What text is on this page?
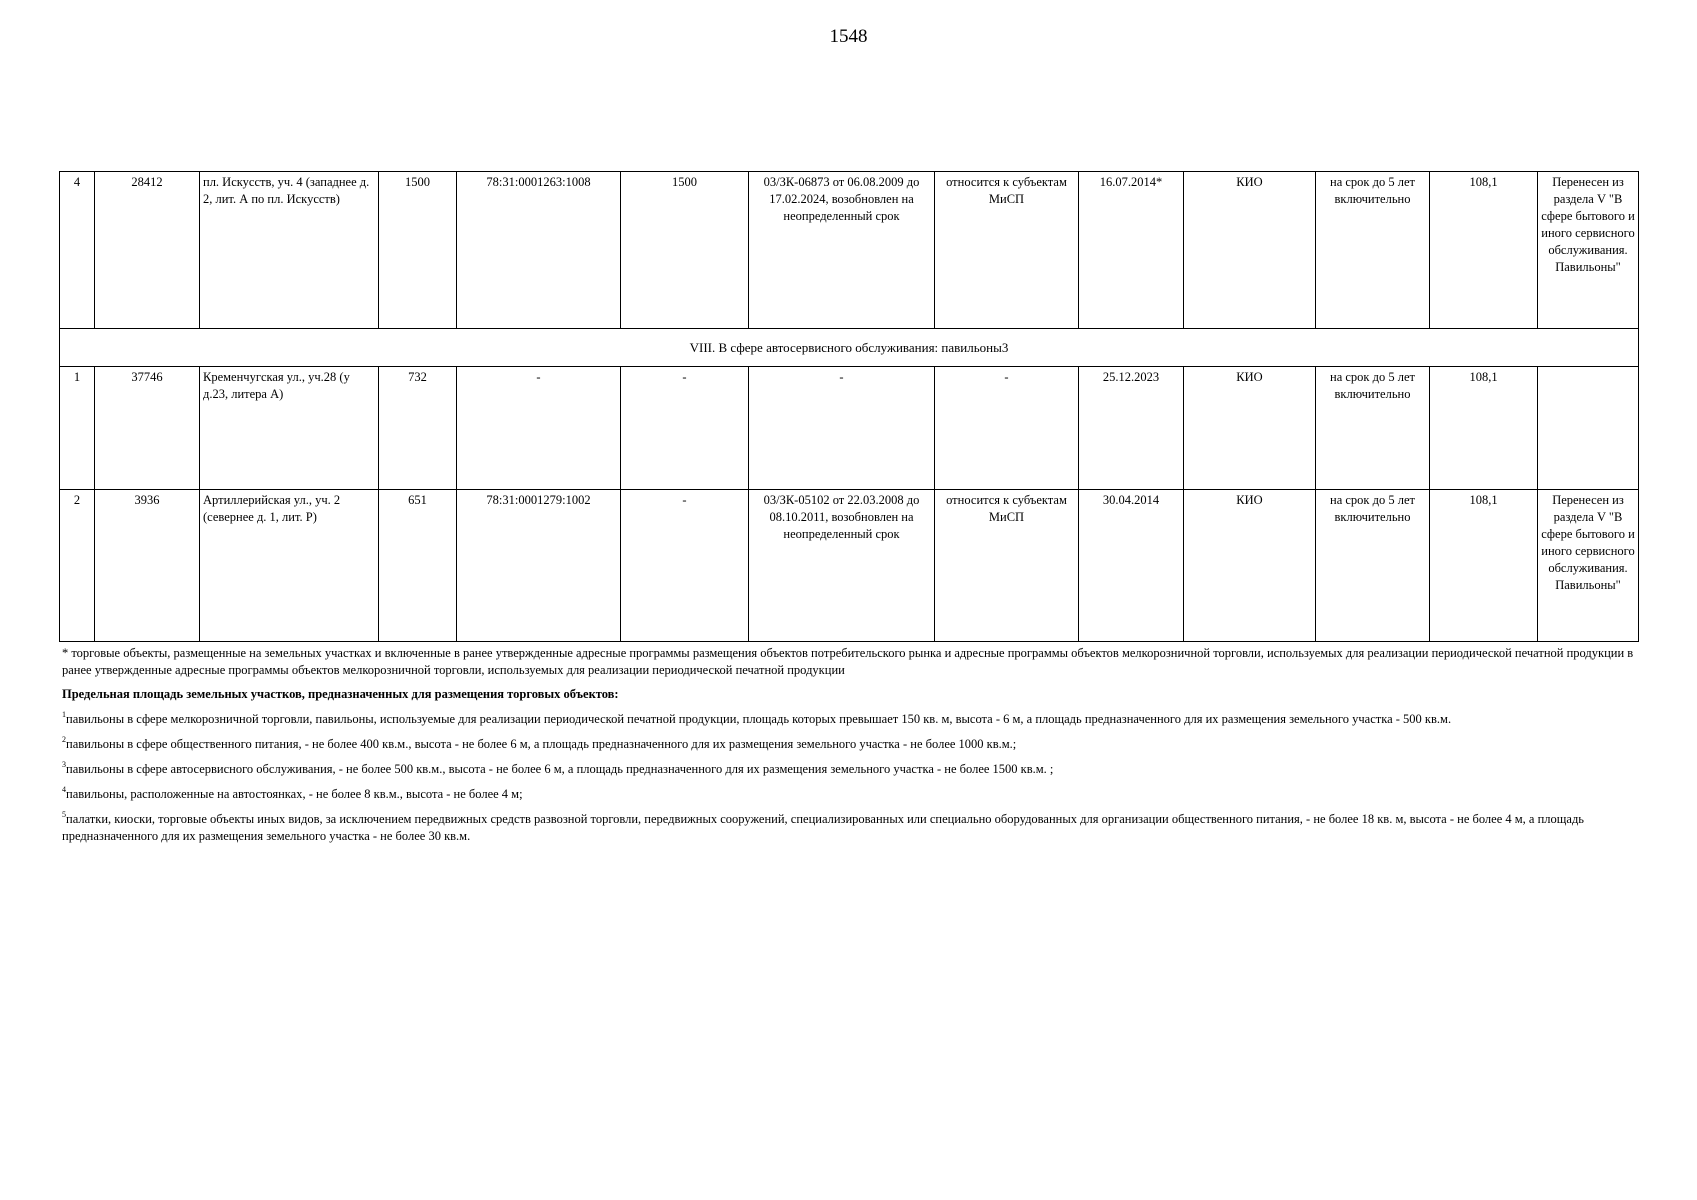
1548
4	28412	пл. Искусств, уч. 4 (западнее д. 2, лит. А по пл. Искусств)	1500	78:31:0001263:1008	1500	03/ЗК-06873 от 06.08.2009 до 17.02.2024, возобновлен на неопределенный срок	относится к субъектам МиСП	16.07.2014*	КИО	на срок до 5 лет включительно	108,1	Перенесен из раздела V "В сфере бытового и иного сервисного обслуживания. Павильоны"
VIII. В сфере автосервисного обслуживания: павильоны3												
1	37746	Кременчугская ул., уч.28 (у д.23, литера А)	732	-	-	-	-	25.12.2023	КИО	на срок до 5 лет включительно	108,1	
2	3936	Артиллерийская ул., уч. 2 (севернее д. 1, лит. Р)	651	78:31:0001279:1002	-	03/ЗК-05102 от 22.03.2008 до 08.10.2011, возобновлен на неопределенный срок	относится к субъектам МиСП	30.04.2014	КИО	на срок до 5 лет включительно	108,1	Перенесен из раздела V "В сфере бытового и иного сервисного обслуживания. Павильоны"

* торговые объекты, размещенные на земельных участках и включенные в ранее утвержденные адресные программы размещения объектов потребительского рынка и адресные программы объектов мелкорозничной торговли, используемых для реализации периодической печатной продукции в ранее утвержденные адресные программы объектов мелкорозничной торговли, используемых для реализации периодической печатной продукции

Предельная площадь земельных участков, предназначенных для размещения торговых объектов:

$^1$павильоны в сфере мелкорозничной торговли, павильоны, используемые для реализации периодической печатной продукции, площадь которых превышает 150 кв. м, высота - 6 м, а площадь предназначенного для их размещения земельного участка - 500 кв.м.

$^2$павильоны в сфере общественного питания, - не более 400 кв.м., высота - не более 6 м, а площадь предназначенного для их размещения земельного участка - не более 1000 кв.м.;

$^3$павильоны в сфере автосервисного обслуживания, - не более 500 кв.м., высота - не более 6 м, а площадь предназначенного для их размещения земельного участка - не более 1500 кв.м. ;

$^4$павильоны, расположенные на автостоянках, - не более 8 кв.м., высота - не более 4 м;

$^5$палатки, киоски, торговые объекты иных видов, за исключением передвижных средств развозной торговли, передвижных сооружений, специализированных или специально оборудованных для организации общественного питания, - не более 18 кв. м, высота - не более 4 м, а площадь предназначенного для их размещения земельного участка - не более 30 кв.м.
